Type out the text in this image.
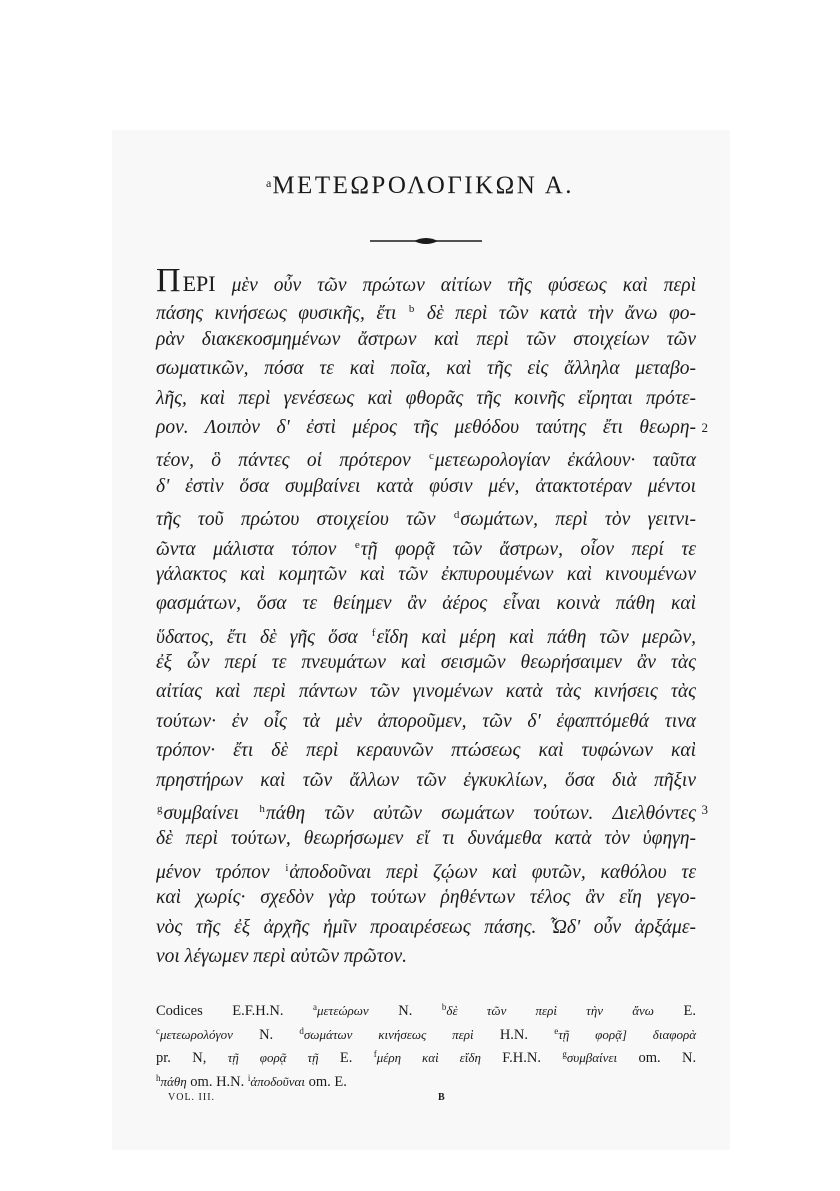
$^a$ΜΕΤΕΩΡΟΛΟΓΙΚΩΝ Α.
ΠΕΡΙ μὲν οὖν τῶν πρώτων αἰτίων τῆς φύσεως καὶ περὶ
πάσης κινήσεως φυσικῆς, ἔτι $^b$ δὲ περὶ τῶν κατὰ τὴν ἄνω φο-
ρὰν διακεκοσμημένων ἄστρων καὶ περὶ τῶν στοιχείων τῶν
σωματικῶν, πόσα τε καὶ ποῖα, καὶ τῆς εἰς ἄλληλα μεταβο-
λῆς, καὶ περὶ γενέσεως καὶ φθορᾶς τῆς κοινῆς εἴρηται πρότε-
ρον. Λοιπὸν δ' ἐστὶ μέρος τῆς μεθόδου ταύτης ἔτι θεωρη- 2
τέον, ὃ πάντες οἱ πρότερον $^c$μετεωρολογίαν ἐκάλουν· ταῦτα
δ' ἐστὶν ὅσα συμβαίνει κατὰ φύσιν μέν, ἀτακτοτέραν μέντοι
τῆς τοῦ πρώτου στοιχείου τῶν $^d$σωμάτων, περὶ τὸν γειτνι-
ῶντα μάλιστα τόπον $^e$τῇ φορᾷ τῶν ἄστρων, οἷον περί τε
γάλακτος καὶ κομητῶν καὶ τῶν ἐκπυρουμένων καὶ κινουμένων
φασμάτων, ὅσα τε θείημεν ἂν ἀέρος εἶναι κοινὰ πάθη καὶ
ὕδατος, ἔτι δὲ γῆς ὅσα $^f$εἴδη καὶ μέρη καὶ πάθη τῶν μερῶν,
ἐξ ὧν περί τε πνευμάτων καὶ σεισμῶν θεωρήσαιμεν ἂν τὰς
αἰτίας καὶ περὶ πάντων τῶν γινομένων κατὰ τὰς κινήσεις τὰς
τούτων· ἐν οἷς τὰ μὲν ἀποροῦμεν, τῶν δ' ἐφαπτόμεθά τινα
τρόπον· ἔτι δὲ περὶ κεραυνῶν πτώσεως καὶ τυφώνων καὶ
πρηστήρων καὶ τῶν ἄλλων τῶν ἐγκυκλίων, ὅσα διὰ πῆξιν
$^g$συμβαίνει $^h$πάθη τῶν αὐτῶν σωμάτων τούτων. Διελθόντες 3
δὲ περὶ τούτων, θεωρήσωμεν εἴ τι δυνάμεθα κατὰ τὸν ὑφηγη-
μένον τρόπον $^i$ἀποδοῦναι περὶ ζῴων καὶ φυτῶν, καθόλου τε
καὶ χωρίς· σχεδὸν γὰρ τούτων ῥηθέντων τέλος ἂν εἴη γεγο-
νὸς τῆς ἐξ ἀρχῆς ἡμῖν προαιρέσεως πάσης. Ὧδ' οὖν ἀρξάμε-
νοι λέγωμεν περὶ αὐτῶν πρῶτον.
Codices E.F.H.N.	$^a$μετεώρων N.	$^b$δὲ τῶν περὶ τὴν ἄνω E.
$^c$μετεωρολόγον N.	$^d$σωμάτων κινήσεως περὶ H.N.	$^e$τῇ φορᾷ] διαφορὰ
pr. N, τῇ φορᾷ τῇ E. $^f$μέρη καὶ εἴδη F.H.N. $^g$συμβαίνει om. N.
$^h$πάθη om. H.N. $^i$ἀποδοῦναι om. E.
VOL. III.	B
